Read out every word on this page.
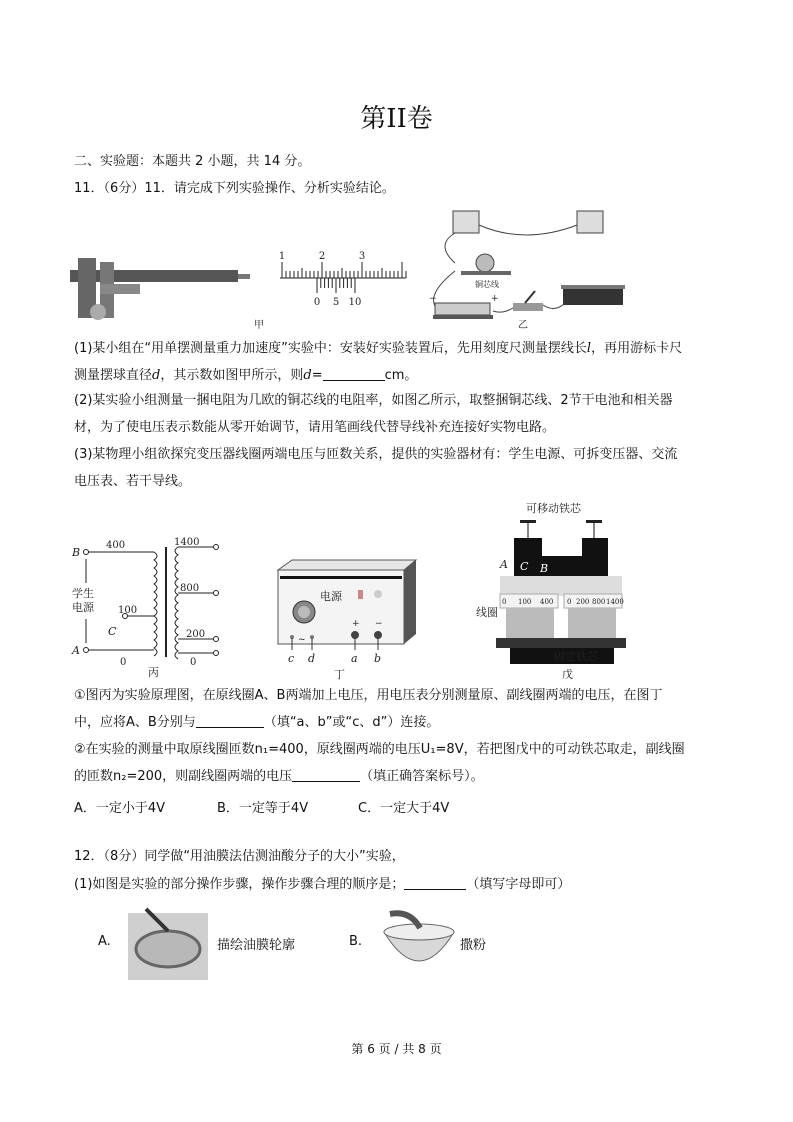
第II卷
二、实验题：本题共 2 小题，共 14 分。
11．（6分）11．请完成下列实验操作、分析实验结论。
1	2	3
0 5 10
甲
铜芯线
−	+
乙
(1)某小组在“用单摆测量重力加速度”实验中：安装好实验装置后，先用刻度尺测量摆线长l，再用游标卡尺
测量摆球直径d，其示数如图甲所示，则d=	cm。
(2)某实验小组测量一捆电阻为几欧的铜芯线的电阻率，如图乙所示，取整捆铜芯线、2节干电池和相关器
材，为了使电压表示数能从零开始调节，请用笔画线代替导线补充连接好实物电路。
(3)某物理小组欲探究变压器线圈两端电压与匝数关系，提供的实验器材有：学生电源、可拆变压器、交流
电压表、若干导线。
B
A
C
400
100
0
1400
800
200
0
学生
电源
丙
电源
~
+ −
c d	a b
丁
可移动铁芯
A C B
0 100 400 0 200 800 1400
线圈
固定铁芯
戊
①图丙为实验原理图，在原线圈A、B两端加上电压，用电压表分别测量原、副线圈两端的电压，在图丁
中，应将A、B分别与	（填“a、b”或“c、d”）连接。
②在实验的测量中取原线圈匝数n₁=400，原线圈两端的电压U₁=8V，若把图戊中的可动铁芯取走，副线圈
的匝数n₂=200，则副线圈两端的电压	（填正确答案标号）。
A．一定小于4V	B．一定等于4V	C．一定大于4V
12．（8分）同学做“用油膜法估测油酸分子的大小”实验，
(1)如图是实验的部分操作步骤，操作步骤合理的顺序是；	（填写字母即可）
A.	描绘油膜轮廓	B.	撒粉
第 6 页 / 共 8 页
